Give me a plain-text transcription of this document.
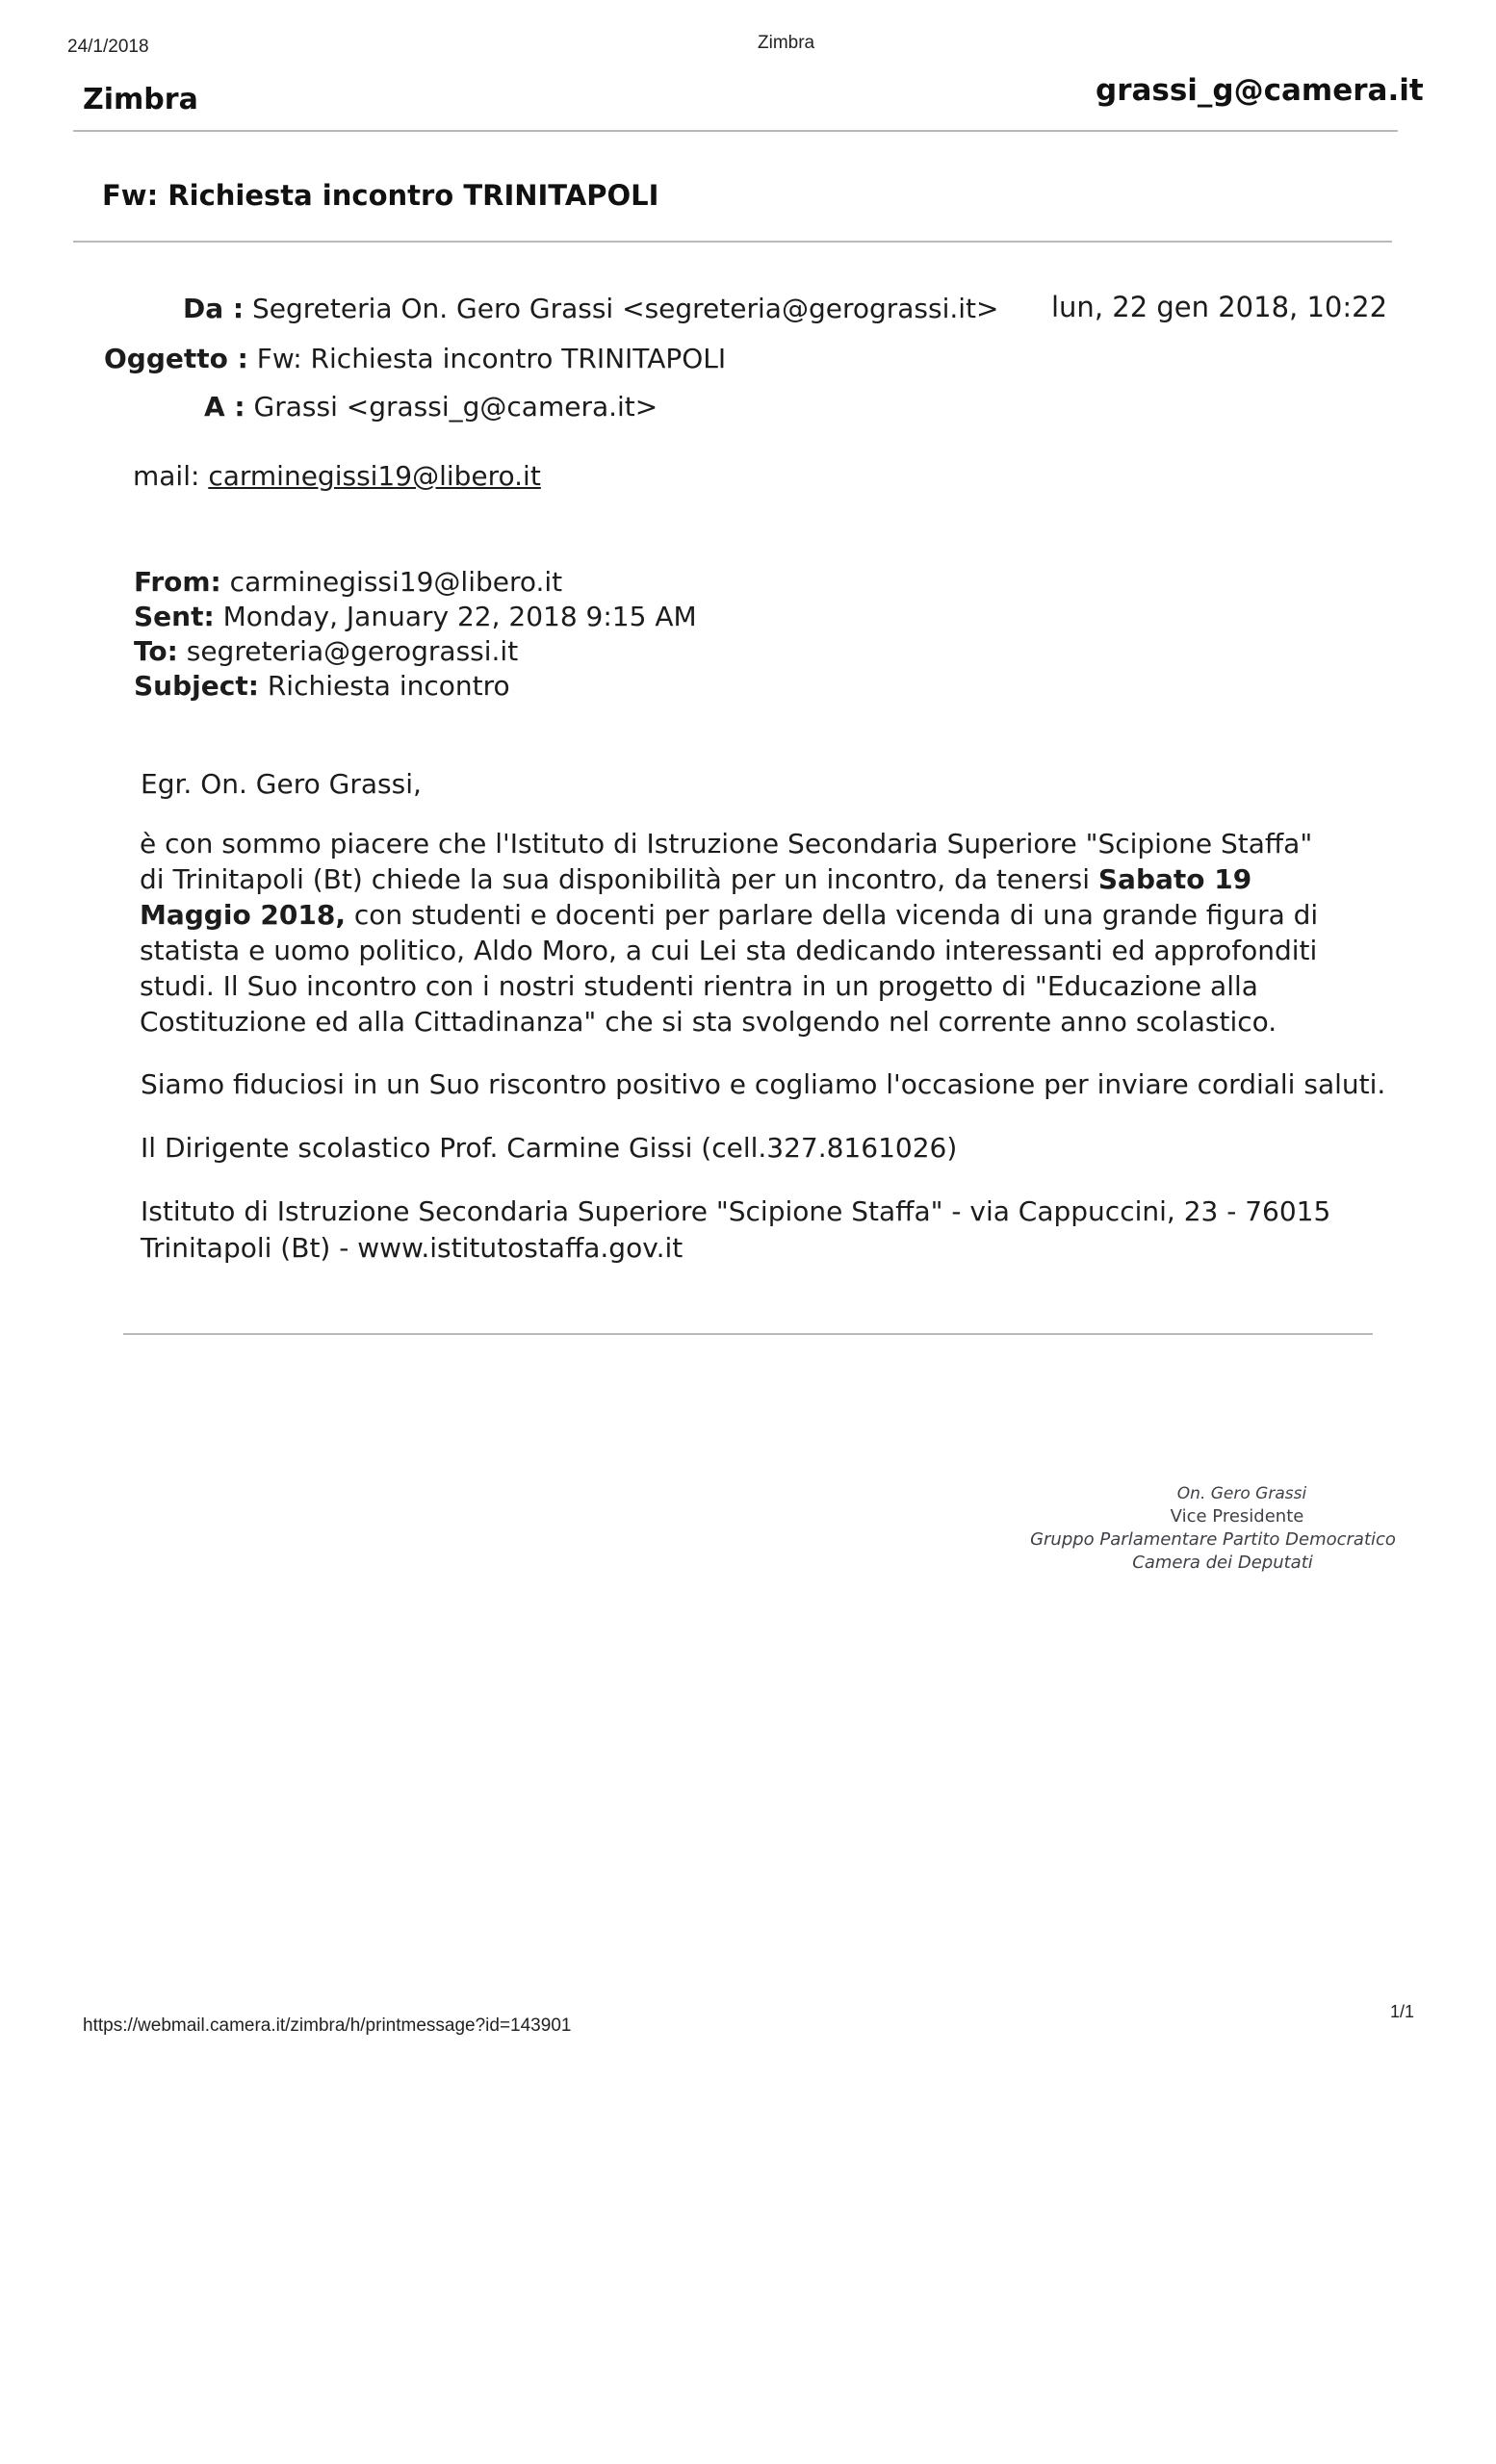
24/1/2018	Zimbra
Zimbra	grassi_g@camera.it
Fw: Richiesta incontro TRINITAPOLI
Da : Segreteria On. Gero Grassi <segreteria@gerograssi.it> lun, 22 gen 2018, 10:22
Oggetto : Fw: Richiesta incontro TRINITAPOLI
A : Grassi <grassi_g@camera.it>
mail: carminegissi19@libero.it
From: carminegissi19@libero.it
Sent: Monday, January 22, 2018 9:15 AM
To: segreteria@gerograssi.it
Subject: Richiesta incontro
Egr. On. Gero Grassi,
è con sommo piacere che l'Istituto di Istruzione Secondaria Superiore "Scipione Staffa" di Trinitapoli (Bt) chiede la sua disponibilità per un incontro, da tenersi Sabato 19 Maggio 2018, con studenti e docenti per parlare della vicenda di una grande figura di statista e uomo politico, Aldo Moro, a cui Lei sta dedicando interessanti ed approfonditi studi. Il Suo incontro con i nostri studenti rientra in un progetto di "Educazione alla Costituzione ed alla Cittadinanza" che si sta svolgendo nel corrente anno scolastico.
Siamo fiduciosi in un Suo riscontro positivo e cogliamo l'occasione per inviare cordiali saluti.
Il Dirigente scolastico Prof. Carmine Gissi (cell.327.8161026)
Istituto di Istruzione Secondaria Superiore "Scipione Staffa" - via Cappuccini, 23 - 76015
Trinitapoli (Bt) - www.istitutostaffa.gov.it
On. Gero Grassi
Vice Presidente
Gruppo Parlamentare Partito Democratico
Camera dei Deputati
https://webmail.camera.it/zimbra/h/printmessage?id=143901
1/1
